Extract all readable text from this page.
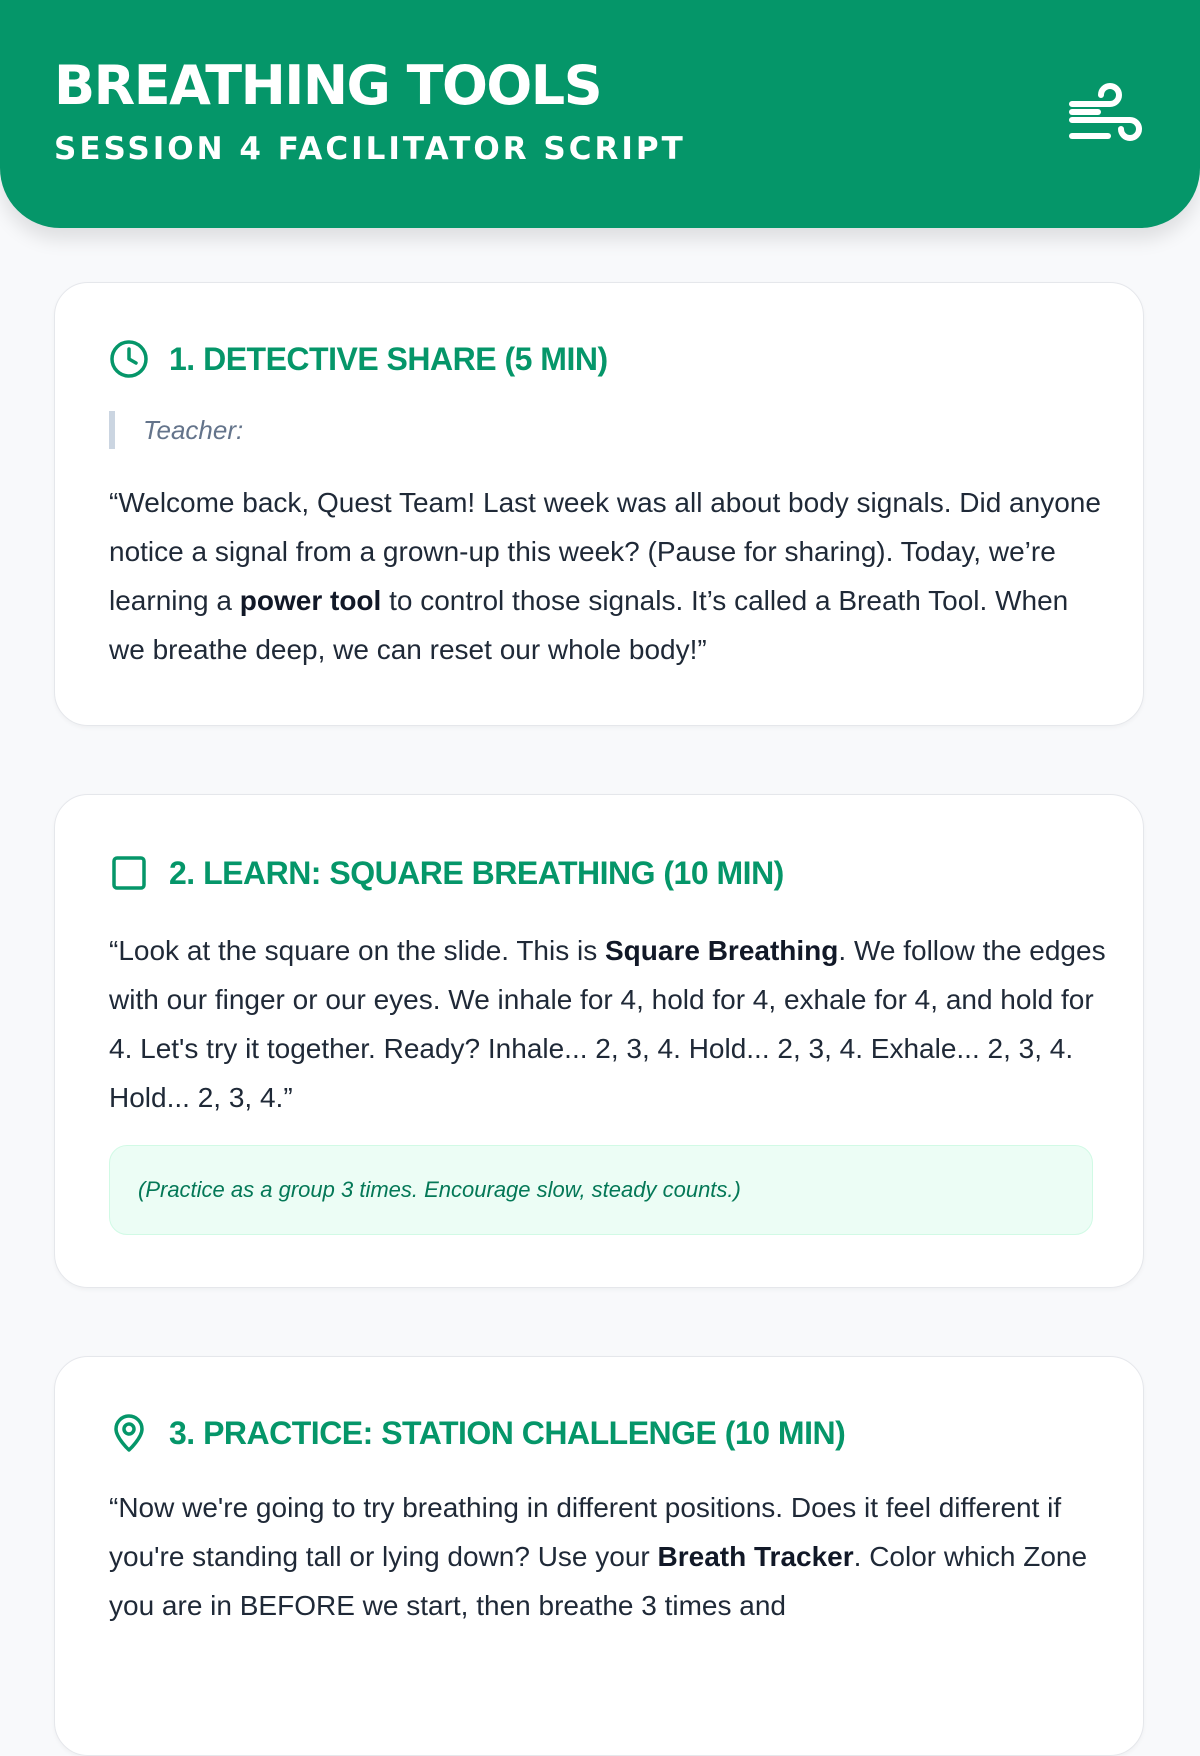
BREATHING TOOLS
SESSION 4 FACILITATOR SCRIPT
1. DETECTIVE SHARE (5 MIN)
Teacher:

“Welcome back, Quest Team! Last week was all about body signals. Did anyone notice a signal from a grown-up this week? (Pause for sharing). Today, we’re learning a power tool to control those signals. It’s called a Breath Tool. When we breathe deep, we can reset our whole body!”

2. LEARN: SQUARE BREATHING (10 MIN)

“Look at the square on the slide. This is Square Breathing. We follow the edges with our finger or our eyes. We inhale for 4, hold for 4, exhale for 4, and hold for 4. Let's try it together. Ready? Inhale... 2, 3, 4. Hold... 2, 3, 4. Exhale... 2, 3, 4. Hold... 2, 3, 4.”

(Practice as a group 3 times. Encourage slow, steady counts.)
3. PRACTICE: STATION CHALLENGE (10 MIN)

“Now we're going to try breathing in different positions. Does it feel different if you're standing tall or lying down? Use your Breath Tracker. Color which Zone you are in BEFORE we start, then breathe 3 times and
